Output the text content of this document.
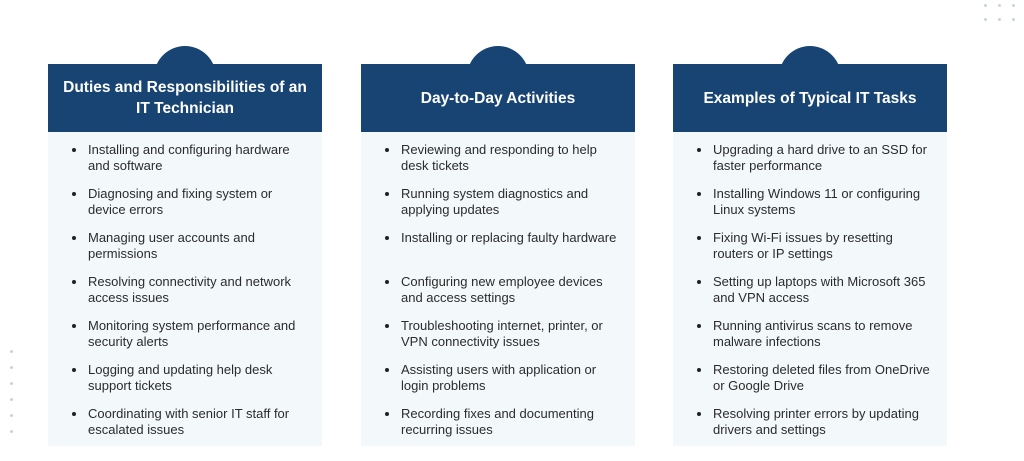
Duties and Responsibilities of an IT Technician
Installing and configuring hardware and software
Diagnosing and fixing system or device errors
Managing user accounts and permissions
Resolving connectivity and network access issues
Monitoring system performance and security alerts
Logging and updating help desk support tickets
Coordinating with senior IT staff for escalated issues
Day-to-Day Activities
Reviewing and responding to help desk tickets
Running system diagnostics and applying updates
Installing or replacing faulty hardware
Configuring new employee devices and access settings
Troubleshooting internet, printer, or VPN connectivity issues
Assisting users with application or login problems
Recording fixes and documenting recurring issues
Examples of Typical IT Tasks
Upgrading a hard drive to an SSD for faster performance
Installing Windows 11 or configuring Linux systems
Fixing Wi-Fi issues by resetting routers or IP settings
Setting up laptops with Microsoft 365 and VPN access
Running antivirus scans to remove malware infections
Restoring deleted files from OneDrive or Google Drive
Resolving printer errors by updating drivers and settings
